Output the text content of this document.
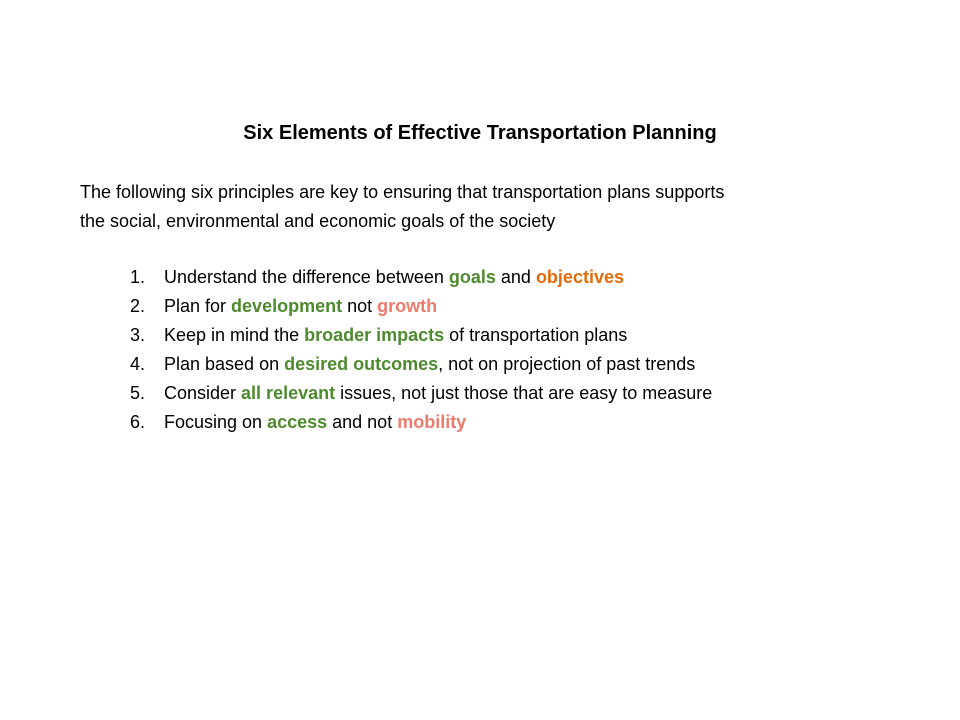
Six Elements of Effective Transportation Planning
The following six principles are key to ensuring that transportation plans supports
the social, environmental and economic goals of the society
1.	Understand the difference between goals and objectives
2.	Plan for development not growth
3.	Keep in mind the broader impacts of transportation plans
4.	Plan based on desired outcomes, not on projection of past trends
5.	Consider all relevant issues, not just those that are easy to measure
6.	Focusing on access and not mobility
